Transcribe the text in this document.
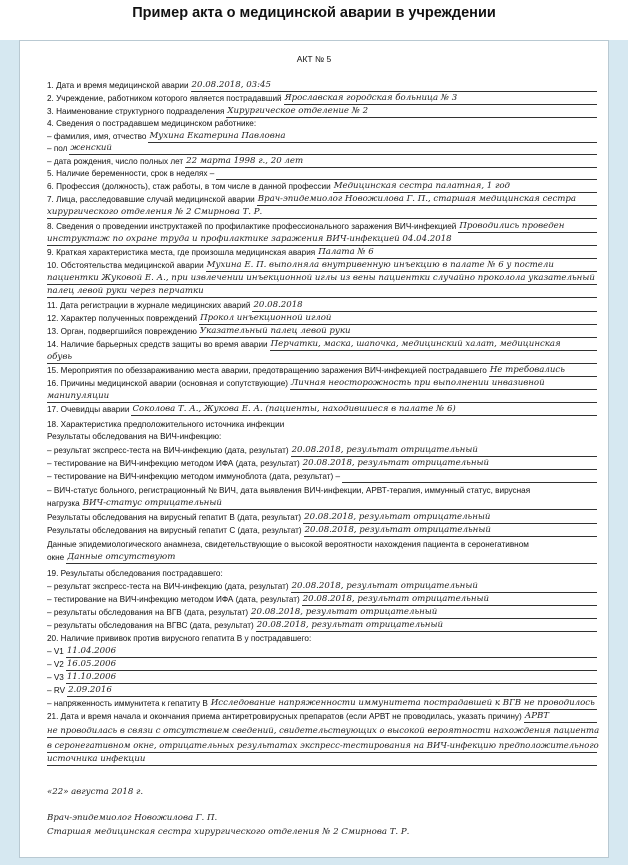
Пример акта о медицинской аварии в учреждении
АКТ № 5
1. Дата и время медицинской аварии 20.08.2018, 03:45
2. Учреждение, работником которого является пострадавший Ярославская городская больница № 3
3. Наименование структурного подразделения Хирургическое отделение № 2
4. Сведения о пострадавшем медицинском работнике:
– фамилия, имя, отчество Мухина Екатерина Павловна
– пол женский
– дата рождения, число полных лет 22 марта 1998 г., 20 лет
5. Наличие беременности, срок в неделях –
6. Профессия (должность), стаж работы, в том числе в данной профессии Медицинская сестра палатная, 1 год
7. Лица, расследовавшие случай медицинской аварии Врач-эпидемиолог Новожилова Г. П., старшая медицинская сестра
хирургического отделения № 2 Смирнова Т. Р.
8. Сведения о проведении инструктажей по профилактике профессионального заражения ВИЧ-инфекцией Проводились проведен
инструктаж по охране труда и профилактике заражения ВИЧ-инфекцией 04.04.2018
9. Краткая характеристика места, где произошла медицинская авария Палата № 6
10. Обстоятельства медицинской аварии Мухина Е. П. выполняла внутривенную инъекцию в палате № 6 у постели
пациентки Жуковой Е. А., при извлечении инъекционной иглы из вены пациентки случайно проколола указательный
палец левой руки через перчатки
11. Дата регистрации в журнале медицинских аварий 20.08.2018
12. Характер полученных повреждений Прокол инъекционной иглой
13. Орган, подвергшийся повреждению Указательный палец левой руки
14. Наличие барьерных средств защиты во время аварии Перчатки, маска, шапочка, медицинский халат, медицинская
обувь
15. Мероприятия по обеззараживанию места аварии, предотвращению заражения ВИЧ-инфекцией пострадавшего Не требовались
16. Причины медицинской аварии (основная и сопутствующие) Личная неосторожность при выполнении инвазивной
манипуляции
17. Очевидцы аварии Соколова Т. А., Жукова Е. А. (пациенты, находившиеся в палате № 6)
18. Характеристика предположительного источника инфекции
Результаты обследования на ВИЧ-инфекцию:
– результат экспресс-теста на ВИЧ-инфекцию (дата, результат) 20.08.2018, результат отрицательный
– тестирование на ВИЧ-инфекцию методом ИФА (дата, результат) 20.08.2018, результат отрицательный
– тестирование на ВИЧ-инфекцию методом иммуноблота (дата, результат) –
– ВИЧ-статус больного, регистрационный № ВИЧ, дата выявления ВИЧ-инфекции, АРВТ-терапия, иммунный статус, вирусная
нагрузка ВИЧ-статус отрицательный
Результаты обследования на вирусный гепатит В (дата, результат) 20.08.2018, результат отрицательный
Результаты обследования на вирусный гепатит С (дата, результат) 20.08.2018, результат отрицательный
Данные эпидемиологического анамнеза, свидетельствующие о высокой вероятности нахождения пациента в серонегативном
окне Данные отсутствуют
19. Результаты обследования пострадавшего:
– результат экспресс-теста на ВИЧ-инфекцию (дата, результат) 20.08.2018, результат отрицательный
– тестирование на ВИЧ-инфекцию методом ИФА (дата, результат) 20.08.2018, результат отрицательный
– результаты обследования на ВГВ (дата, результат) 20.08.2018, результат отрицательный
– результаты обследования на ВГВС (дата, результат) 20.08.2018, результат отрицательный
20. Наличие прививок против вирусного гепатита В у пострадавшего:
– V1 11.04.2006
– V2 16.05.2006
– V3 11.10.2006
– RV 2.09.2016
– напряженность иммунитета к гепатиту В Исследование напряженности иммунитета пострадавшей к ВГВ не проводилось
21. Дата и время начала и окончания приема антиретровирусных препаратов (если АРВТ не проводилась, указать причину) АРВТ
не проводилась в связи с отсутствием сведений, свидетельствующих о высокой вероятности нахождения пациента
в серонегативном окне, отрицательных результатах экспресс-тестирования на ВИЧ-инфекцию предположительного
источника инфекции
«22» августа 2018 г.
Врач-эпидемиолог Новожилова Г. П.
Старшая медицинская сестра хирургического отделения № 2 Смирнова Т. Р.
